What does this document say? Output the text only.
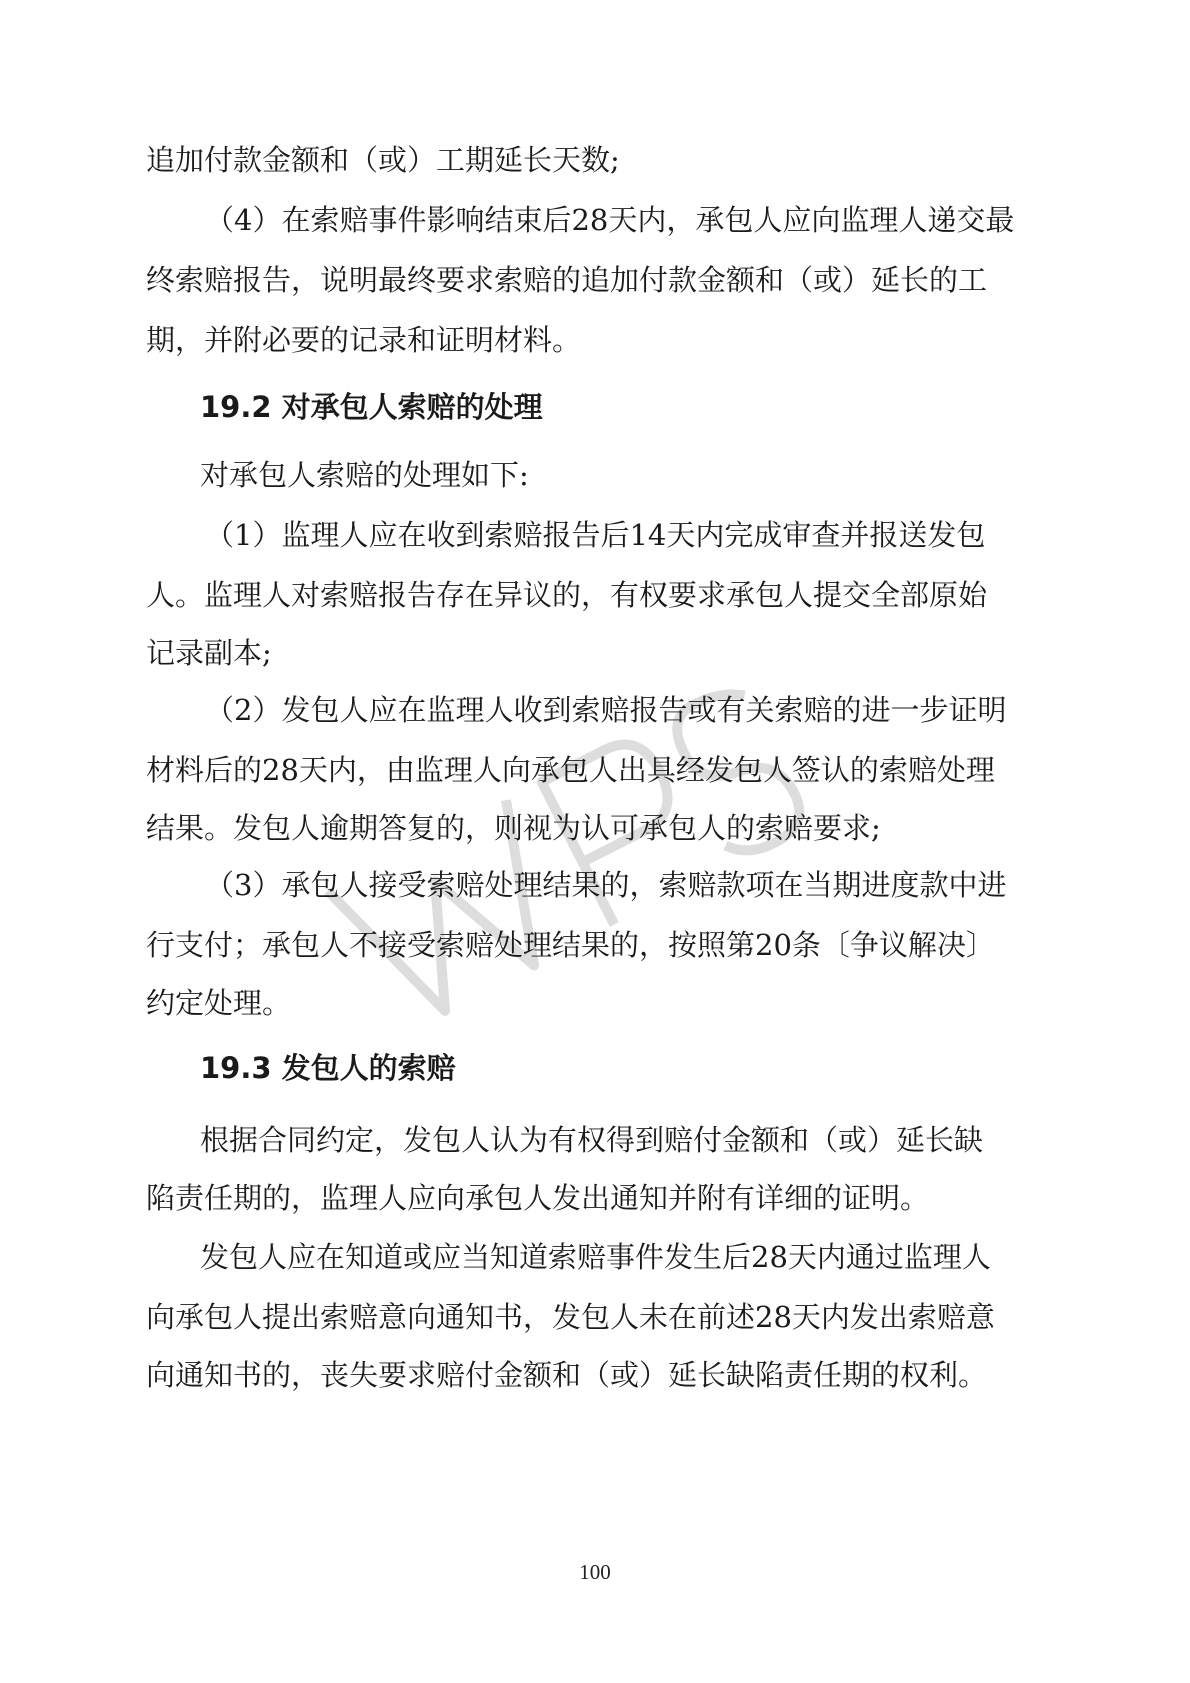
追加付款金额和（或）工期延长天数;
（4）在索赔事件影响结束后28天内，承包人应向监理人递交最
终索赔报告，说明最终要求索赔的追加付款金额和（或）延长的工
期，并附必要的记录和证明材料。
19.2 对承包人索赔的处理
对承包人索赔的处理如下:
（1）监理人应在收到索赔报告后14天内完成审查并报送发包
人。监理人对索赔报告存在异议的，有权要求承包人提交全部原始
记录副本;
（2）发包人应在监理人收到索赔报告或有关索赔的进一步证明
材料后的28天内，由监理人向承包人出具经发包人签认的索赔处理
结果。发包人逾期答复的，则视为认可承包人的索赔要求;
（3）承包人接受索赔处理结果的，索赔款项在当期进度款中进
行支付；承包人不接受索赔处理结果的，按照第20条〔争议解决〕
约定处理。
19.3 发包人的索赔
根据合同约定，发包人认为有权得到赔付金额和（或）延长缺
陷责任期的，监理人应向承包人发出通知并附有详细的证明。
发包人应在知道或应当知道索赔事件发生后28天内通过监理人
向承包人提出索赔意向通知书，发包人未在前述28天内发出索赔意
向通知书的，丧失要求赔付金额和（或）延长缺陷责任期的权利。
100
